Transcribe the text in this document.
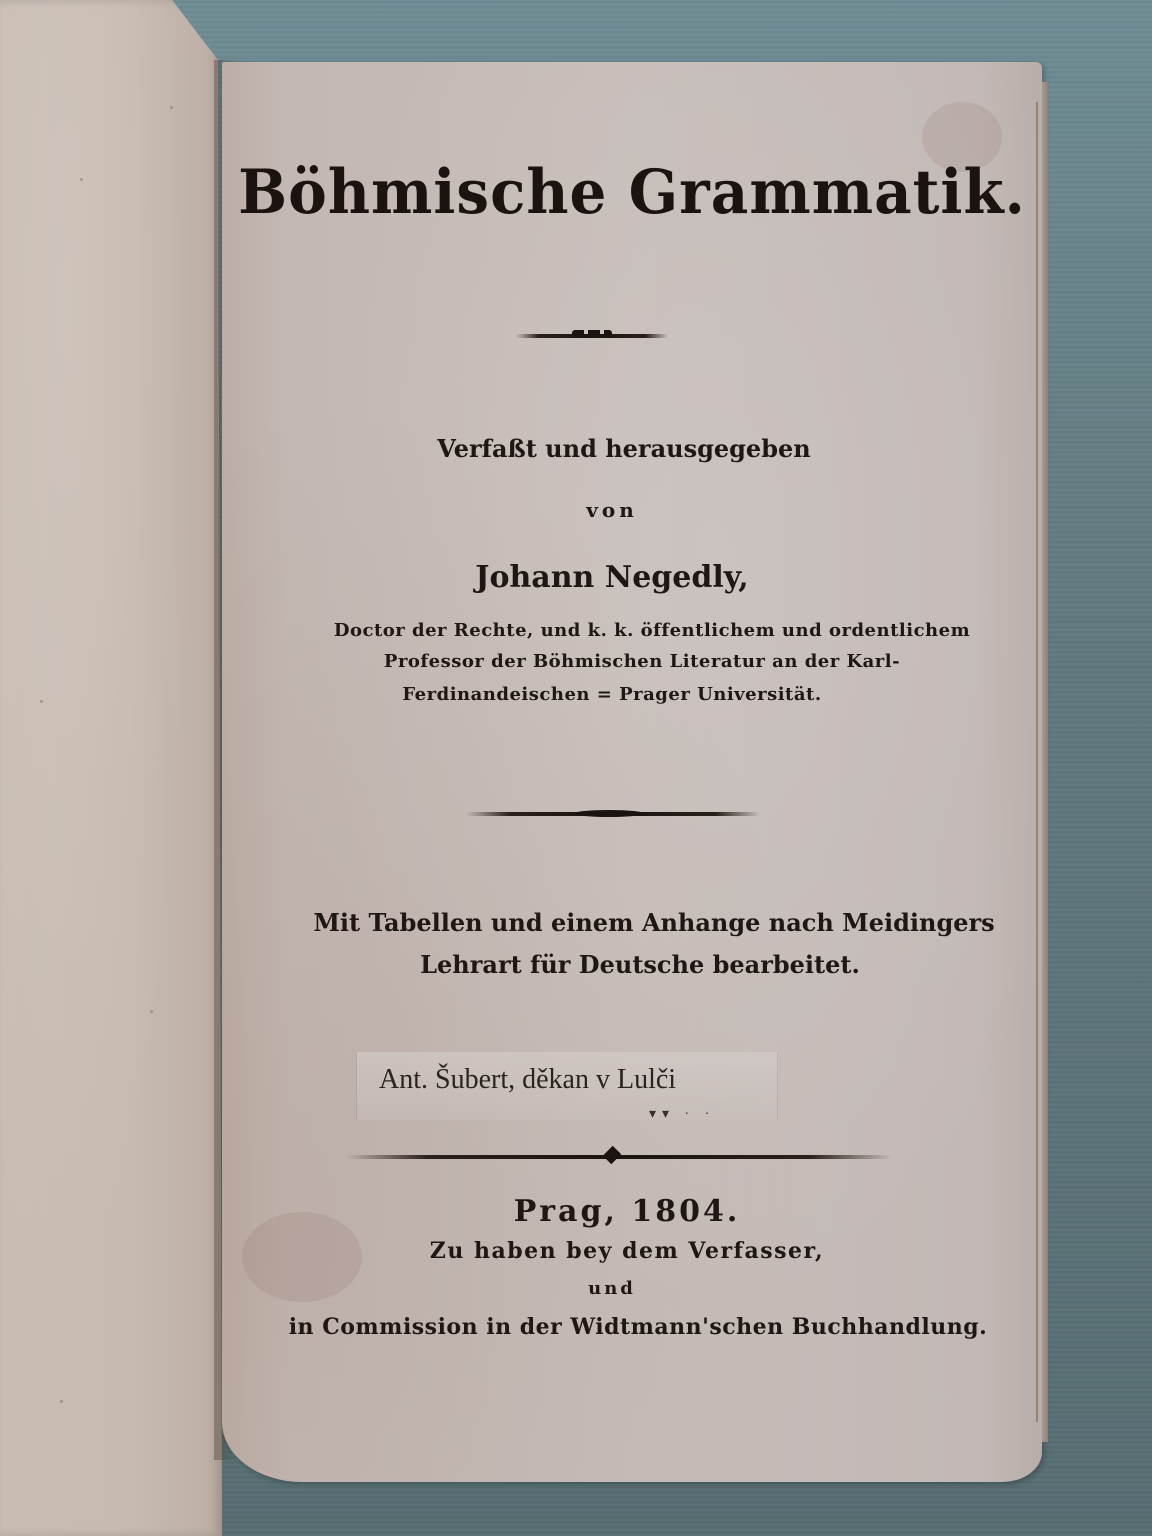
Böhmische Grammatik.
Verfaßt und herausgegeben
von
Johann Negedly,
Doctor der Rechte, und k. k. öffentlichem und ordentlichem
Professor der Böhmischen Literatur an der Karl-
Ferdinandeischen = Prager Universität.
Mit Tabellen und einem Anhange nach Meidingers
Lehrart für Deutsche bearbeitet.
Ant. Šubert, děkan v Lulči
▾▾ · ·
Prag, 1804.
Zu haben bey dem Verfasser,
und
in Commission in der Widtmann'schen Buchhandlung.
